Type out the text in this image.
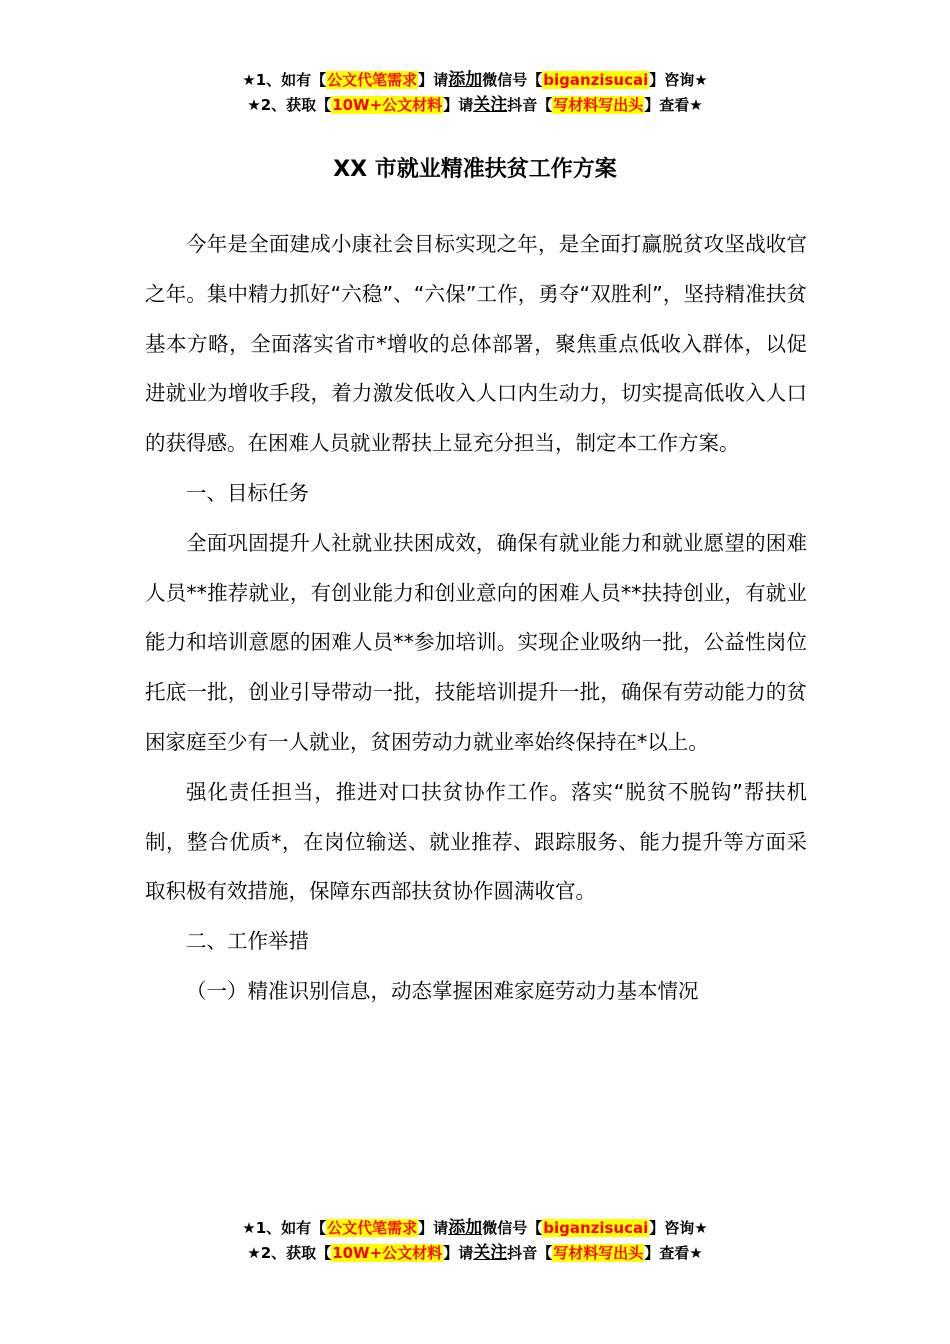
★1、如有【公文代笔需求】请添加微信号【biganzisucai】咨询★
★2、获取【10W+公文材料】请关注抖音【写材料写出头】查看★
XX 市就业精准扶贫工作方案

今年是全面建成小康社会目标实现之年，是全面打赢脱贫攻坚战收官之年。集中精力抓好“六稳”、“六保”工作，勇夺“双胜利”，坚持精准扶贫基本方略，全面落实省市*增收的总体部署，聚焦重点低收入群体，以促进就业为增收手段，着力激发低收入人口内生动力，切实提高低收入人口的获得感。在困难人员就业帮扶上显充分担当，制定本工作方案。

一、目标任务

全面巩固提升人社就业扶困成效，确保有就业能力和就业愿望的困难人员**推荐就业，有创业能力和创业意向的困难人员**扶持创业，有就业能力和培训意愿的困难人员**参加培训。实现企业吸纳一批，公益性岗位托底一批，创业引导带动一批，技能培训提升一批，确保有劳动能力的贫困家庭至少有一人就业，贫困劳动力就业率始终保持在*以上。

强化责任担当，推进对口扶贫协作工作。落实“脱贫不脱钩”帮扶机制，整合优质*，在岗位输送、就业推荐、跟踪服务、能力提升等方面采取积极有效措施，保障东西部扶贫协作圆满收官。

二、工作举措

（一）精准识别信息，动态掌握困难家庭劳动力基本情况

★1、如有【公文代笔需求】请添加微信号【biganzisucai】咨询★
★2、获取【10W+公文材料】请关注抖音【写材料写出头】查看★
